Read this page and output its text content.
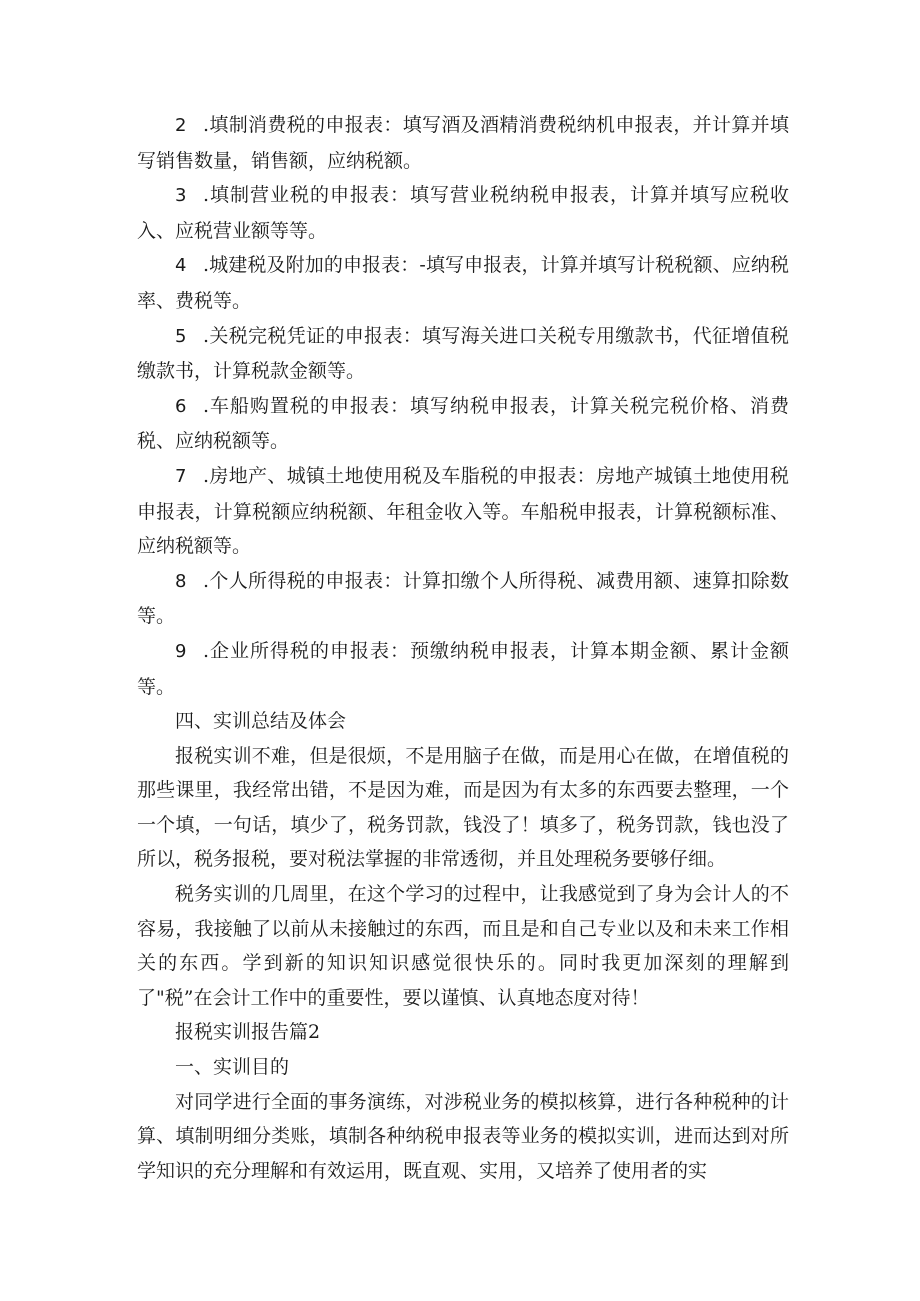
2 .填制消费税的申报表：填写酒及酒精消费税纳机申报表，并计算并填写销售数量，销售额，应纳税额。

3 .填制营业税的申报表：填写营业税纳税申报表，计算并填写应税收入、应税营业额等等。

4 .城建税及附加的申报表：-填写申报表，计算并填写计税税额、应纳税率、费税等。

5 .关税完税凭证的申报表：填写海关进口关税专用缴款书，代征增值税缴款书，计算税款金额等。

6 .车船购置税的申报表：填写纳税申报表，计算关税完税价格、消费税、应纳税额等。

7 .房地产、城镇土地使用税及车脂税的申报表：房地产城镇土地使用税申报表，计算税额应纳税额、年租金收入等。车船税申报表，计算税额标准、应纳税额等。

8 .个人所得税的申报表：计算扣缴个人所得税、减费用额、速算扣除数等。

9 .企业所得税的申报表：预缴纳税申报表，计算本期金额、累计金额等。

四、实训总结及体会

报税实训不难，但是很烦，不是用脑子在做，而是用心在做，在增值税的那些课里，我经常出错，不是因为难，而是因为有太多的东西要去整理，一个一个填，一句话，填少了，税务罚款，钱没了！填多了，税务罚款，钱也没了所以，税务报税，要对税法掌握的非常透彻，并且处理税务要够仔细。

税务实训的几周里，在这个学习的过程中，让我感觉到了身为会计人的不容易，我接触了以前从未接触过的东西，而且是和自己专业以及和未来工作相关的东西。学到新的知识知识感觉很快乐的。同时我更加深刻的理解到了"税”在会计工作中的重要性，要以谨慎、认真地态度对待！

报税实训报告篇2

一、实训目的

对同学进行全面的事务演练，对涉税业务的模拟核算，进行各种税种的计算、填制明细分类账，填制各种纳税申报表等业务的模拟实训，进而达到对所学知识的充分理解和有效运用，既直观、实用，又培养了使用者的实
